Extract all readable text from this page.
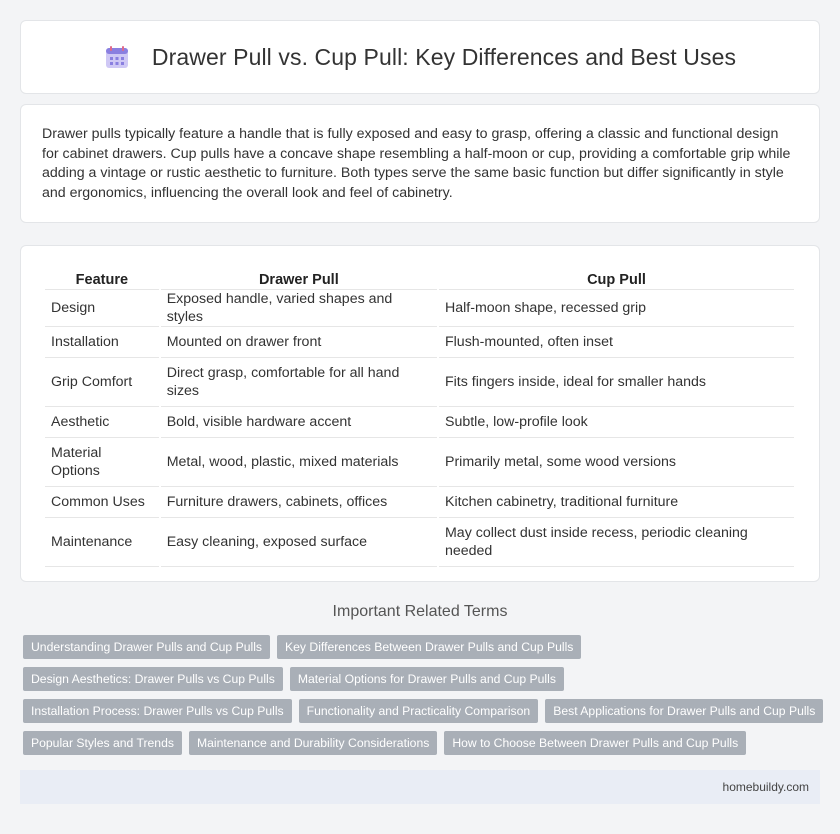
Drawer Pull vs. Cup Pull: Key Differences and Best Uses

Drawer pulls typically feature a handle that is fully exposed and easy to grasp, offering a classic and functional design for cabinet drawers. Cup pulls have a concave shape resembling a half-moon or cup, providing a comfortable grip while adding a vintage or rustic aesthetic to furniture. Both types serve the same basic function but differ significantly in style and ergonomics, influencing the overall look and feel of cabinetry.

Feature	Drawer Pull	Cup Pull
Design	Exposed handle, varied shapes and styles	Half-moon shape, recessed grip
Installation	Mounted on drawer front	Flush-mounted, often inset
Grip Comfort	Direct grasp, comfortable for all hand sizes	Fits fingers inside, ideal for smaller hands
Aesthetic	Bold, visible hardware accent	Subtle, low-profile look
Material Options	Metal, wood, plastic, mixed materials	Primarily metal, some wood versions
Common Uses	Furniture drawers, cabinets, offices	Kitchen cabinetry, traditional furniture
Maintenance	Easy cleaning, exposed surface	May collect dust inside recess, periodic cleaning needed
Important Related Terms
Understanding Drawer Pulls and Cup Pulls	Key Differences Between Drawer Pulls and Cup Pulls
Design Aesthetics: Drawer Pulls vs Cup Pulls	Material Options for Drawer Pulls and Cup Pulls
Installation Process: Drawer Pulls vs Cup Pulls	Functionality and Practicality Comparison	Best Applications for Drawer Pulls and Cup Pulls
Popular Styles and Trends	Maintenance and Durability Considerations	How to Choose Between Drawer Pulls and Cup Pulls
homebuildy.com
